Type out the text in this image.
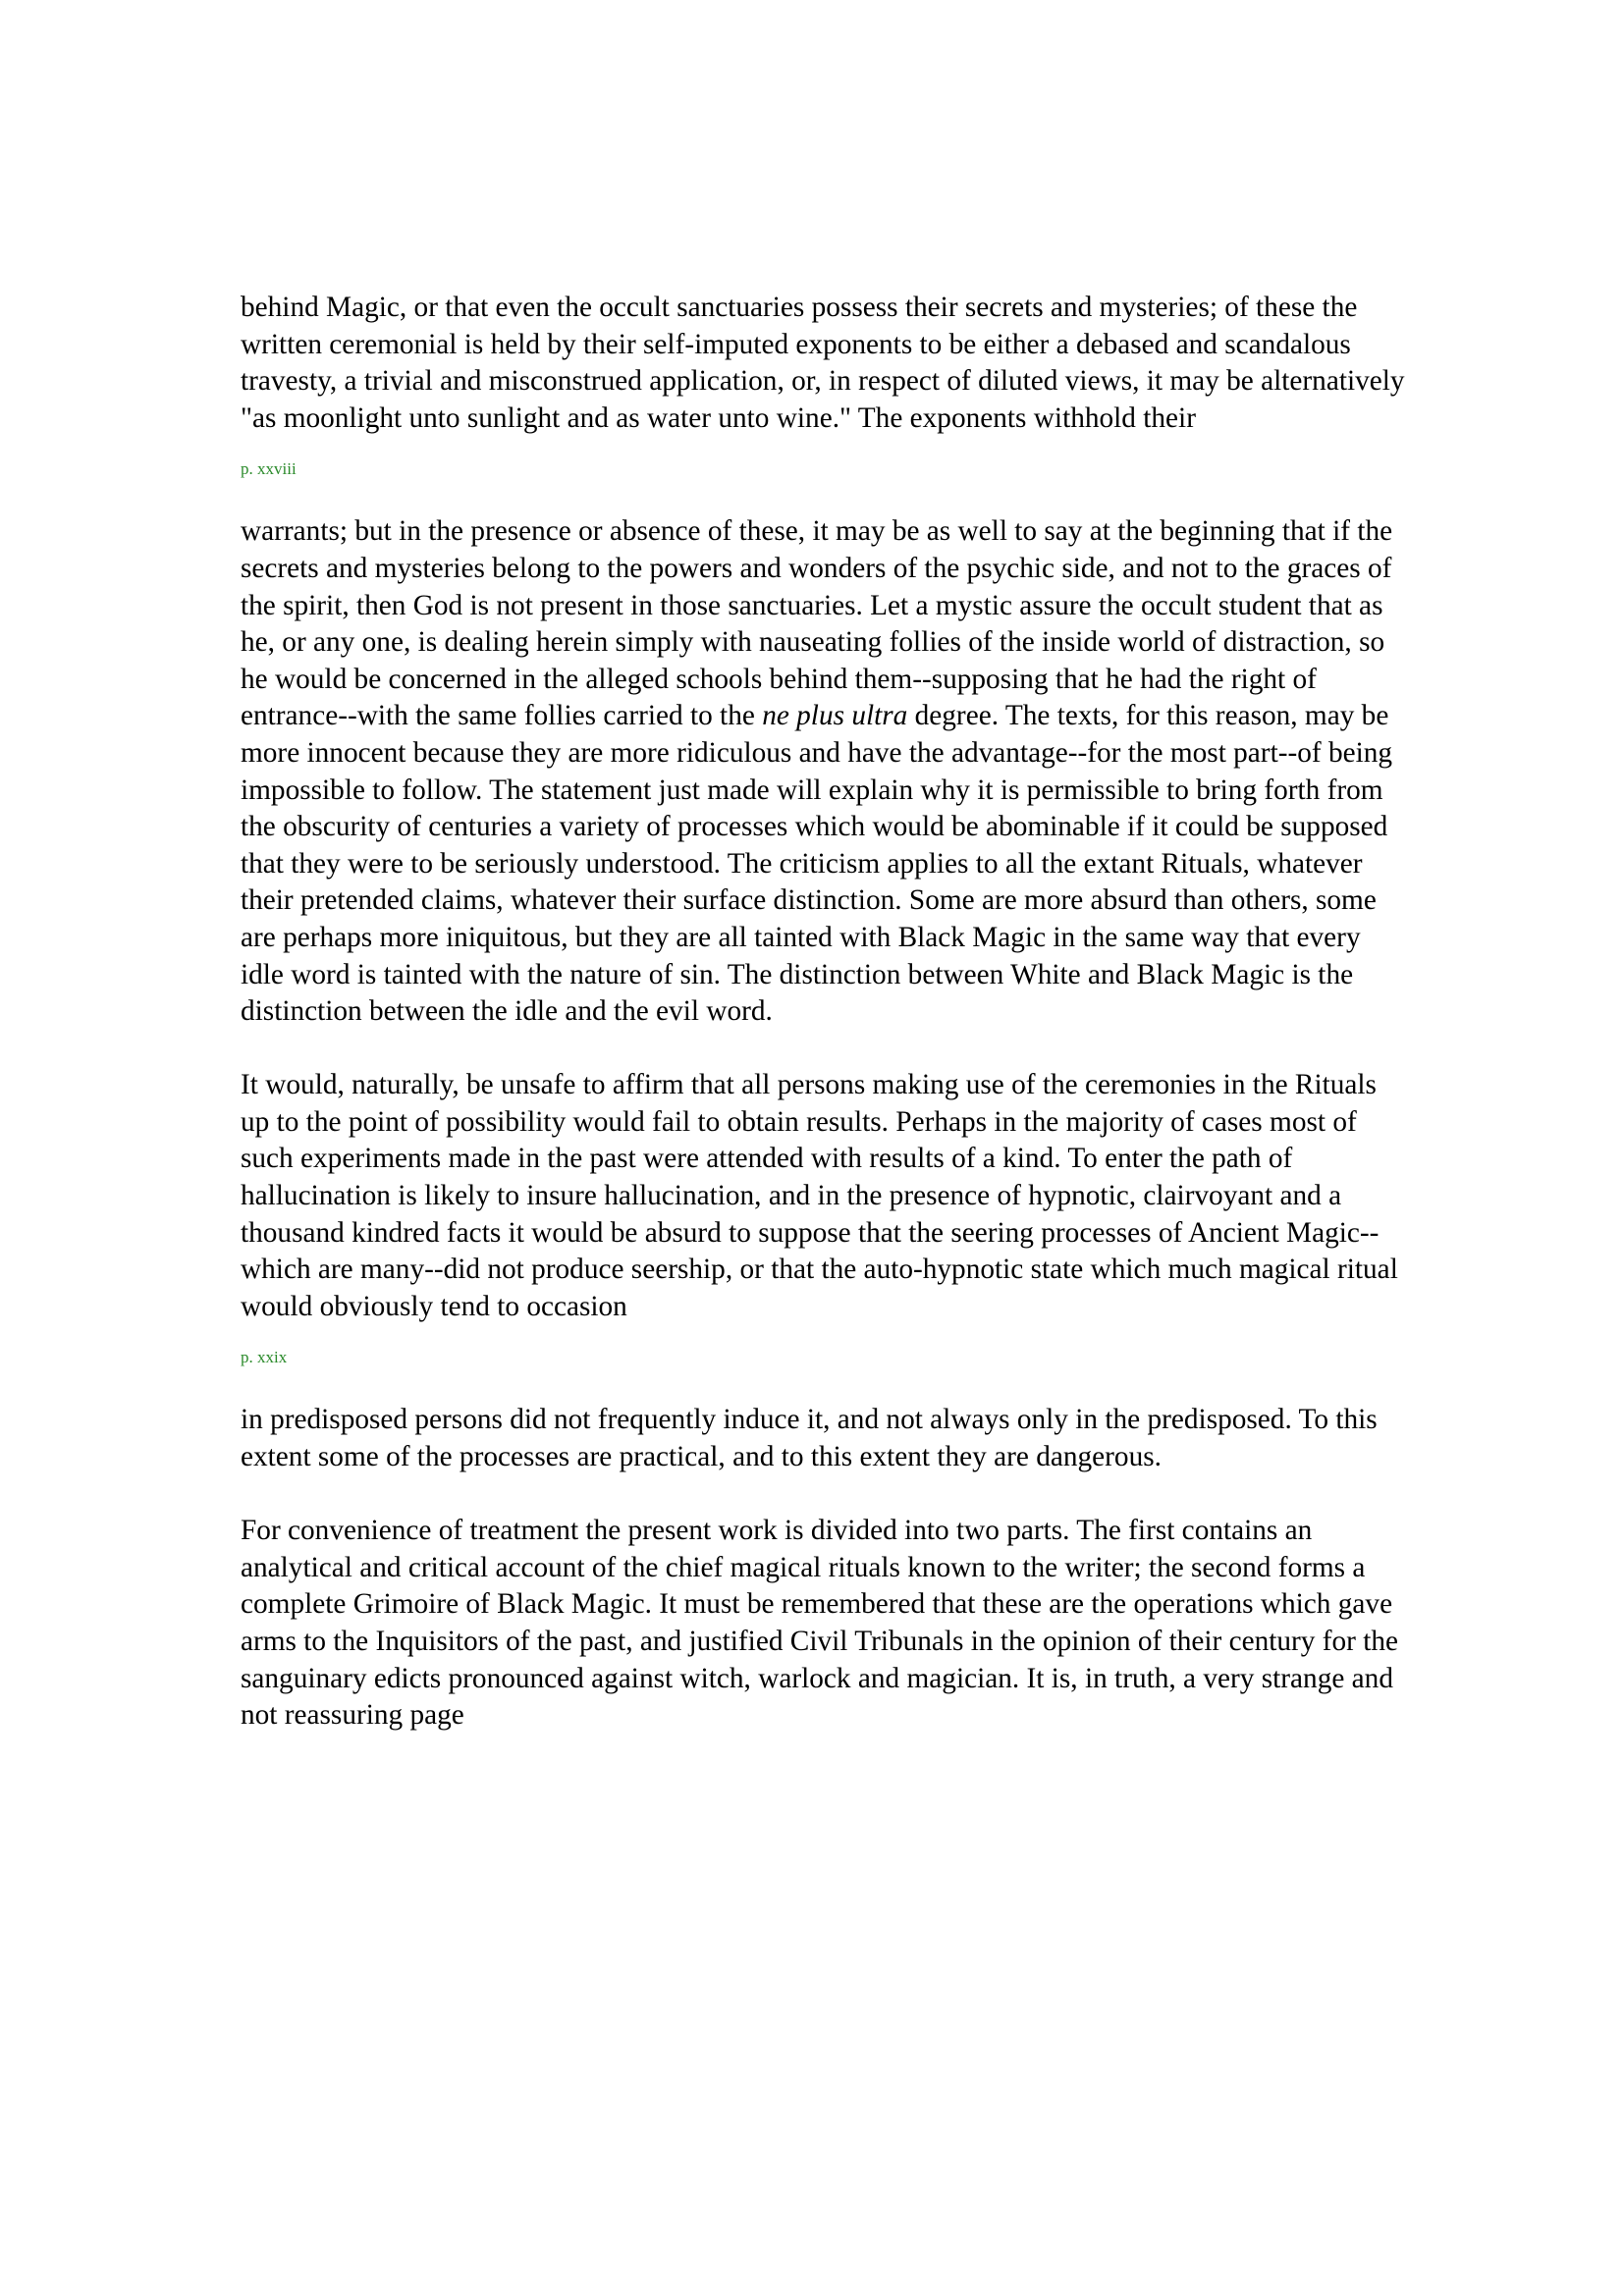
behind Magic, or that even the occult sanctuaries possess their secrets and mysteries; of these the written ceremonial is held by their self-imputed exponents to be either a debased and scandalous travesty, a trivial and misconstrued application, or, in respect of diluted views, it may be alternatively "as moonlight unto sunlight and as water unto wine." The exponents withhold their

p. xxviii

warrants; but in the presence or absence of these, it may be as well to say at the beginning that if the secrets and mysteries belong to the powers and wonders of the psychic side, and not to the graces of the spirit, then God is not present in those sanctuaries. Let a mystic assure the occult student that as he, or any one, is dealing herein simply with nauseating follies of the inside world of distraction, so he would be concerned in the alleged schools behind them--supposing that he had the right of entrance--with the same follies carried to the ne plus ultra degree. The texts, for this reason, may be more innocent because they are more ridiculous and have the advantage--for the most part--of being impossible to follow. The statement just made will explain why it is permissible to bring forth from the obscurity of centuries a variety of processes which would be abominable if it could be supposed that they were to be seriously understood. The criticism applies to all the extant Rituals, whatever their pretended claims, whatever their surface distinction. Some are more absurd than others, some are perhaps more iniquitous, but they are all tainted with Black Magic in the same way that every idle word is tainted with the nature of sin. The distinction between White and Black Magic is the distinction between the idle and the evil word.

It would, naturally, be unsafe to affirm that all persons making use of the ceremonies in the Rituals up to the point of possibility would fail to obtain results. Perhaps in the majority of cases most of such experiments made in the past were attended with results of a kind. To enter the path of hallucination is likely to insure hallucination, and in the presence of hypnotic, clairvoyant and a thousand kindred facts it would be absurd to suppose that the seering processes of Ancient Magic--which are many--did not produce seership, or that the auto-hypnotic state which much magical ritual would obviously tend to occasion

p. xxix

in predisposed persons did not frequently induce it, and not always only in the predisposed. To this extent some of the processes are practical, and to this extent they are dangerous.

For convenience of treatment the present work is divided into two parts. The first contains an analytical and critical account of the chief magical rituals known to the writer; the second forms a complete Grimoire of Black Magic. It must be remembered that these are the operations which gave arms to the Inquisitors of the past, and justified Civil Tribunals in the opinion of their century for the sanguinary edicts pronounced against witch, warlock and magician. It is, in truth, a very strange and not reassuring page
